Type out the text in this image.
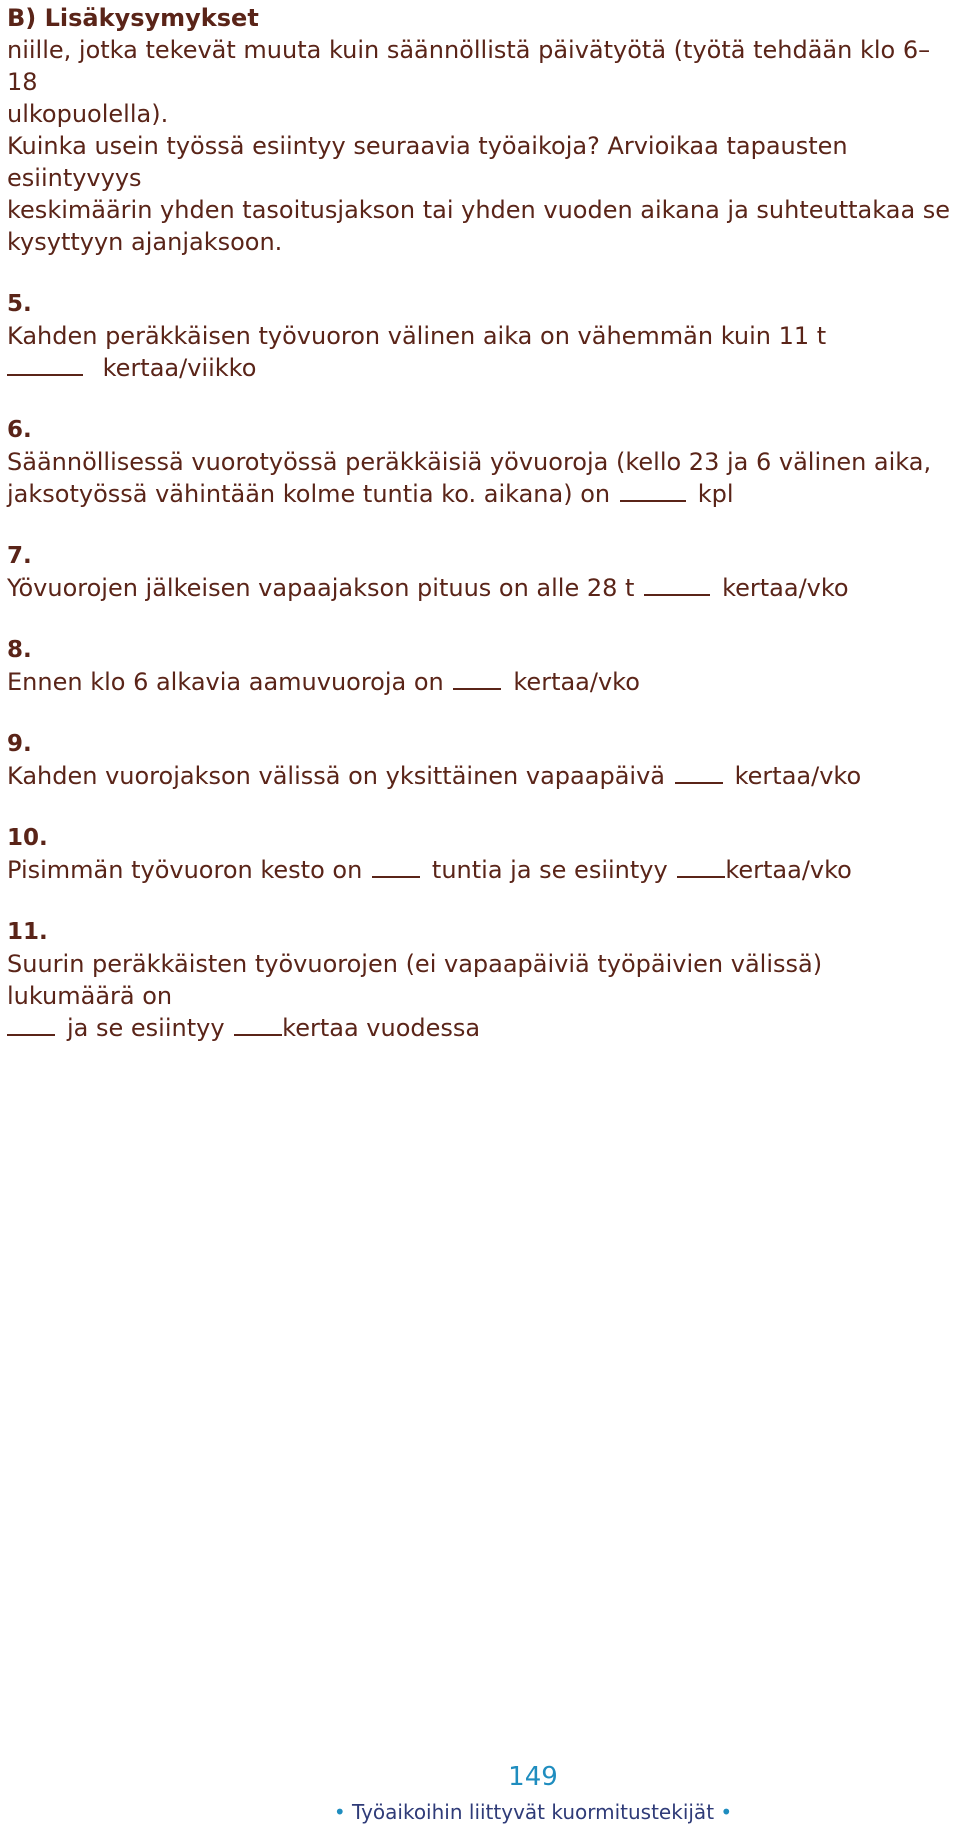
B) Lisäkysymykset

niille, jotka tekevät muuta kuin säännöllistä päivätyötä (työtä tehdään klo 6–18

ulkopuolella).

Kuinka usein työssä esiintyy seuraavia työaikoja? Arvioikaa tapausten esiintyvyys

keskimäärin yhden tasoitusjakson tai yhden vuoden aikana ja suhteuttakaa se

kysyttyyn ajanjaksoon.

5.
Kahden peräkkäisen työvuoron välinen aika on vähemmän kuin 11 t
kertaa/viikko
6.
Säännöllisessä vuorotyössä peräkkäisiä yövuoroja (kello 23 ja 6 välinen aika,
jaksotyössä vähintään kolme tuntia ko. aikana) on	kpl
7.
Yövuorojen jälkeisen vapaajakson pituus on alle 28 t	kertaa/vko
8.
Ennen klo 6 alkavia aamuvuoroja on	kertaa/vko
9.
Kahden vuorojakson välissä on yksittäinen vapaapäivä	kertaa/vko
10.
Pisimmän työvuoron kesto on	tuntia ja se esiintyy kertaa/vko
11.
Suurin peräkkäisten työvuorojen (ei vapaapäiviä työpäivien välissä) lukumäärä on
ja se esiintyy kertaa vuodessa
149
• Työaikoihin liittyvät kuormitustekijät •
